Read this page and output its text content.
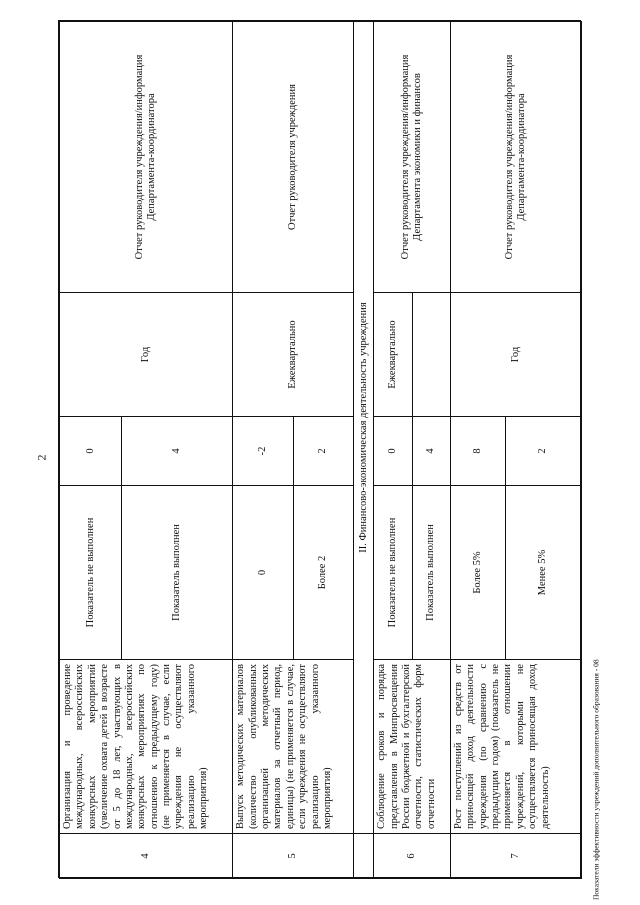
2
4	Организация и проведение международных, всероссийских конкурсных мероприятий (увеличение охвата детей в возрасте от 5 до 18 лет, участвующих в международных, всероссийских конкурсных мероприятиях по отношению к предыдущему году) (не применяется в случае, если учреждения не осуществляют реализацию указанного мероприятия)	Показатель не выполнен	0	Год	Отчет руководителя учреждения/информация Департамента-координатора
		Показатель выполнен	4		
5	Выпуск методических материалов (количество опубликованных организацией методических материалов за отчетный период, единицы) (не применяется в случае, если учреждения не осуществляют реализацию указанного мероприятия)	0	-2	Ежеквартально	Отчет руководителя учреждения
		Более 2	2		
	II. Финансово-экономическая деятельность учреждения				
6	Соблюдение сроков и порядка представления в Минпросвещения России бюджетной и бухгалтерской отчетности, статистических форм отчетности	Показатель не выполнен	0	Ежеквартально	Отчет руководителя учреждения/информация Департамента экономики и финансов
		Показатель выполнен	4		
7	Рост поступлений из средств от приносящей доход деятельности учреждения (по сравнению с предыдущим годом) (показатель не применяется в отношении учреждений, которыми не осуществляется приносящая доход деятельность)	Более 5%	8	Год	Отчет руководителя учреждения/информация Департамента-координатора
		Менее 5%	2		
Показатели эффективности учреждений дополнительного образования - 08
